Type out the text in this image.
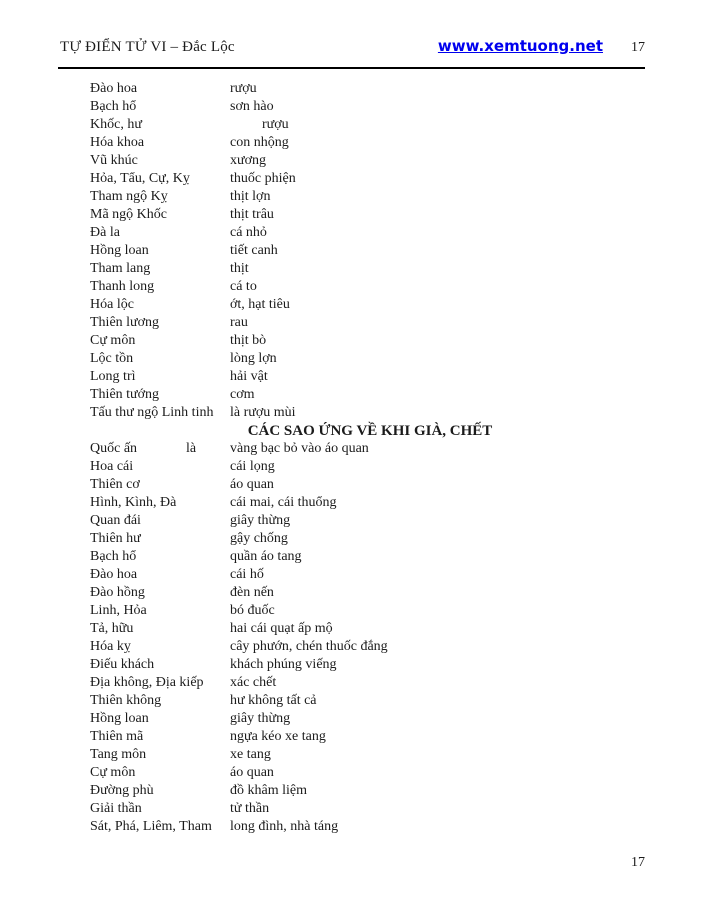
TỰ ĐIỂN TỬ VI – Đắc Lộc	www.xemtuong.net 17
Đào hoa	rượu
Bạch hổ	sơn hào
Khốc, hư	rượu
Hóa khoa	con nhộng
Vũ khúc	xương
Hỏa, Tẩu, Cự, Kỵ	thuốc phiện
Tham ngộ Kỵ	thịt lợn
Mã ngộ Khốc	thịt trâu
Đà la	cá nhỏ
Hồng loan	tiết canh
Tham lang	thịt
Thanh long	cá to
Hóa lộc	ớt, hạt tiêu
Thiên lương	rau
Cự môn	thịt bò
Lộc tồn	lòng lợn
Long trì	hải vật
Thiên tướng	cơm
Tấu thư ngộ Linh tinh	là rượu mùi
CÁC SAO ỨNG VỀ KHI GIÀ, CHẾT
Quốc ấn	là vàng bạc bỏ vào áo quan
Hoa cái	cái lọng
Thiên cơ	áo quan
Hình, Kình, Đà	cái mai, cái thuổng
Quan đái	giây thừng
Thiên hư	gậy chống
Bạch hổ	quần áo tang
Đào hoa	cái hố
Đào hồng	đèn nến
Linh, Hỏa	bó đuốc
Tả, hữu	hai cái quạt ấp mộ
Hóa kỵ	cây phướn, chén thuốc đắng
Điếu khách	khách phúng viếng
Địa không, Địa kiếp	xác chết
Thiên không	hư không tất cả
Hồng loan	giây thừng
Thiên mã	ngựa kéo xe tang
Tang môn	xe tang
Cự môn	áo quan
Đường phù	đồ khâm liệm
Giải thần	tử thần
Sát, Phá, Liêm, Tham	long đình, nhà táng
17
